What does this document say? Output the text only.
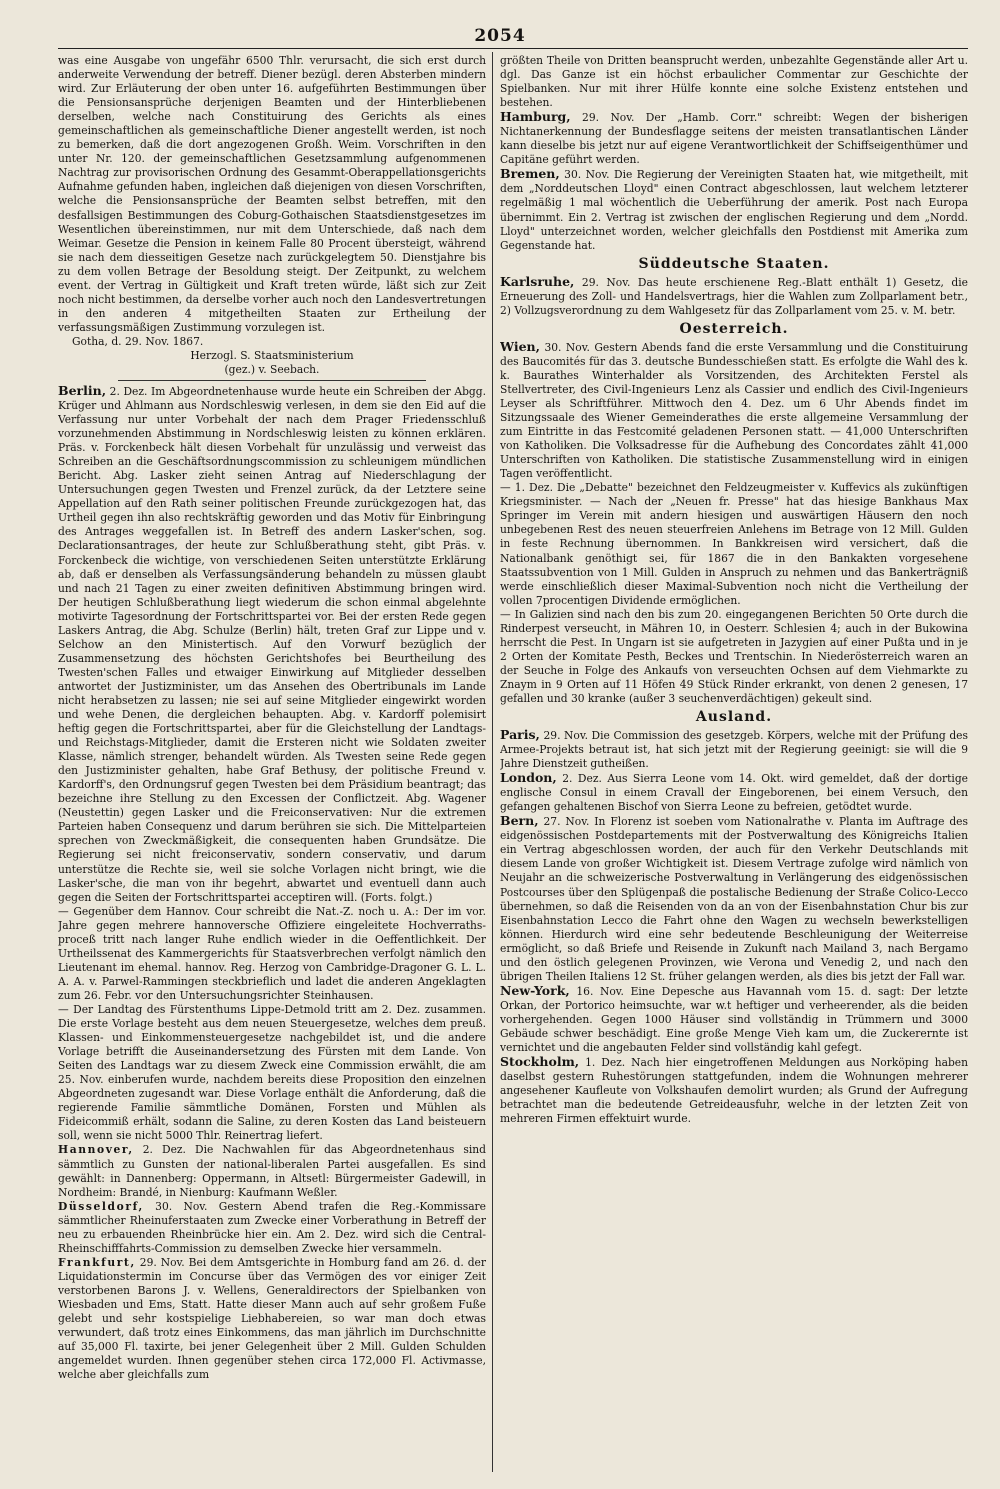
2054

was eine Ausgabe von ungefähr 6500 Thlr. verursacht, die sich erst durch anderweite Verwendung der betreff. Diener bezügl. deren Absterben mindern wird. Zur Erläuterung der oben unter 16. aufgeführten Bestimmungen über die Pensionsansprüche derjenigen Beamten und der Hinterbliebenen derselben, welche nach Constituirung des Gerichts als eines gemeinschaftlichen als gemeinschaftliche Diener angestellt werden, ist noch zu bemerken, daß die dort angezogenen Großh. Weim. Vorschriften in den unter Nr. 120. der gemeinschaftlichen Gesetzsammlung aufgenommenen Nachtrag zur provisorischen Ordnung des Gesammt-Oberappellationsgerichts Aufnahme gefunden haben, ingleichen daß diejenigen von diesen Vorschriften, welche die Pensionsansprüche der Beamten selbst betreffen, mit den desfallsigen Bestimmungen des Coburg-Gothaischen Staatsdienstgesetzes im Wesentlichen übereinstimmen, nur mit dem Unterschiede, daß nach dem Weimar. Gesetze die Pension in keinem Falle 80 Procent übersteigt, während sie nach dem diesseitigen Gesetze nach zurückgelegtem 50. Dienstjahre bis zu dem vollen Betrage der Besoldung steigt. Der Zeitpunkt, zu welchem event. der Vertrag in Gültigkeit und Kraft treten würde, läßt sich zur Zeit noch nicht bestimmen, da derselbe vorher auch noch den Landesvertretungen in den anderen 4 mitgetheilten Staaten zur Ertheilung der verfassungsmäßigen Zustimmung vorzulegen ist.

Gotha, d. 29. Nov. 1867.

Herzogl. S. Staatsministerium

(gez.) v. Seebach.

Berlin, 2. Dez. Im Abgeordnetenhause wurde heute ein Schreiben der Abgg. Krüger und Ahlmann aus Nordschleswig verlesen, in dem sie den Eid auf die Verfassung nur unter Vorbehalt der nach dem Prager Friedensschluß vorzunehmenden Abstimmung in Nordschleswig leisten zu können erklären. Präs. v. Forckenbeck hält diesen Vorbehalt für unzulässig und verweist das Schreiben an die Geschäftsordnungscommission zu schleunigem mündlichen Bericht. Abg. Lasker zieht seinen Antrag auf Niederschlagung der Untersuchungen gegen Twesten und Frenzel zurück, da der Letztere seine Appellation auf den Rath seiner politischen Freunde zurückgezogen hat, das Urtheil gegen ihn also rechtskräftig geworden und das Motiv für Einbringung des Antrages weggefallen ist. In Betreff des andern Lasker'schen, sog. Declarationsantrages, der heute zur Schlußberathung steht, gibt Präs. v. Forckenbeck die wichtige, von verschiedenen Seiten unterstützte Erklärung ab, daß er denselben als Verfassungsänderung behandeln zu müssen glaubt und nach 21 Tagen zu einer zweiten definitiven Abstimmung bringen wird. Der heutigen Schlußberathung liegt wiederum die schon einmal abgelehnte motivirte Tagesordnung der Fortschrittspartei vor. Bei der ersten Rede gegen Laskers Antrag, die Abg. Schulze (Berlin) hält, treten Graf zur Lippe und v. Selchow an den Ministertisch. Auf den Vorwurf bezüglich der Zusammensetzung des höchsten Gerichtshofes bei Beurtheilung des Twesten'schen Falles und etwaiger Einwirkung auf Mitglieder desselben antwortet der Justizminister, um das Ansehen des Obertribunals im Lande nicht herabsetzen zu lassen; nie sei auf seine Mitglieder eingewirkt worden und wehe Denen, die dergleichen behaupten. Abg. v. Kardorff polemisirt heftig gegen die Fortschrittspartei, aber für die Gleichstellung der Landtags- und Reichstags-Mitglieder, damit die Ersteren nicht wie Soldaten zweiter Klasse, nämlich strenger, behandelt würden. Als Twesten seine Rede gegen den Justizminister gehalten, habe Graf Bethusy, der politische Freund v. Kardorff's, den Ordnungsruf gegen Twesten bei dem Präsidium beantragt; das bezeichne ihre Stellung zu den Excessen der Conflictzeit. Abg. Wagener (Neustettin) gegen Lasker und die Freiconservativen: Nur die extremen Parteien haben Consequenz und darum berühren sie sich. Die Mittelparteien sprechen von Zweckmäßigkeit, die consequenten haben Grundsätze. Die Regierung sei nicht freiconservativ, sondern conservativ, und darum unterstütze die Rechte sie, weil sie solche Vorlagen nicht bringt, wie die Lasker'sche, die man von ihr begehrt, abwartet und eventuell dann auch gegen die Seiten der Fortschrittspartei acceptiren will. (Forts. folgt.)

— Gegenüber dem Hannov. Cour schreibt die Nat.-Z. noch u. A.: Der im vor. Jahre gegen mehrere hannoversche Offiziere eingeleitete Hochverraths-proceß tritt nach langer Ruhe endlich wieder in die Oeffentlichkeit. Der Urtheilssenat des Kammergerichts für Staatsverbrechen verfolgt nämlich den Lieutenant im ehemal. hannov. Reg. Herzog von Cambridge-Dragoner G. L. L. A. A. v. Parwel-Rammingen steckbrieflich und ladet die anderen Angeklagten zum 26. Febr. vor den Untersuchungsrichter Steinhausen.

— Der Landtag des Fürstenthums Lippe-Detmold tritt am 2. Dez. zusammen. Die erste Vorlage besteht aus dem neuen Steuergesetze, welches dem preuß. Klassen- und Einkommensteuergesetze nachgebildet ist, und die andere Vorlage betrifft die Auseinandersetzung des Fürsten mit dem Lande. Von Seiten des Landtags war zu diesem Zweck eine Commission erwählt, die am 25. Nov. einberufen wurde, nachdem bereits diese Proposition den einzelnen Abgeordneten zugesandt war. Diese Vorlage enthält die Anforderung, daß die regierende Familie sämmtliche Domänen, Forsten und Mühlen als Fideicommiß erhält, sodann die Saline, zu deren Kosten das Land beisteuern soll, wenn sie nicht 5000 Thlr. Reinertrag liefert.

Hannover, 2. Dez. Die Nachwahlen für das Abgeordnetenhaus sind sämmtlich zu Gunsten der national-liberalen Partei ausgefallen. Es sind gewählt: in Dannenberg: Oppermann, in Altsetl: Bürgermeister Gadewill, in Nordheim: Brandé, in Nienburg: Kaufmann Weßler.

Düsseldorf, 30. Nov. Gestern Abend trafen die Reg.-Kommissare sämmtlicher Rheinuferstaaten zum Zwecke einer Vorberathung in Betreff der neu zu erbauenden Rheinbrücke hier ein. Am 2. Dez. wird sich die Central-Rheinschifffahrts-Commission zu demselben Zwecke hier versammeln.

Frankfurt, 29. Nov. Bei dem Amtsgerichte in Homburg fand am 26. d. der Liquidationstermin im Concurse über das Vermögen des vor einiger Zeit verstorbenen Barons J. v. Wellens, Generaldirectors der Spielbanken von Wiesbaden und Ems, Statt. Hatte dieser Mann auch auf sehr großem Fuße gelebt und sehr kostspielige Liebhabereien, so war man doch etwas verwundert, daß trotz eines Einkommens, das man jährlich im Durchschnitte auf 35,000 Fl. taxirte, bei jener Gelegenheit über 2 Mill. Gulden Schulden angemeldet wurden. Ihnen gegenüber stehen circa 172,000 Fl. Activmasse, welche aber gleichfalls zum

größten Theile von Dritten beansprucht werden, unbezahlte Gegenstände aller Art u. dgl. Das Ganze ist ein höchst erbaulicher Commentar zur Geschichte der Spielbanken. Nur mit ihrer Hülfe konnte eine solche Existenz entstehen und bestehen.

Hamburg, 29. Nov. Der „Hamb. Corr." schreibt: Wegen der bisherigen Nichtanerkennung der Bundesflagge seitens der meisten transatlantischen Länder kann dieselbe bis jetzt nur auf eigene Verantwortlichkeit der Schiffseigenthümer und Capitäne geführt werden.

Bremen, 30. Nov. Die Regierung der Vereinigten Staaten hat, wie mitgetheilt, mit dem „Norddeutschen Lloyd" einen Contract abgeschlossen, laut welchem letzterer regelmäßig 1 mal wöchentlich die Ueberführung der amerik. Post nach Europa übernimmt. Ein 2. Vertrag ist zwischen der englischen Regierung und dem „Nordd. Lloyd" unterzeichnet worden, welcher gleichfalls den Postdienst mit Amerika zum Gegenstande hat.

Süddeutsche Staaten.

Karlsruhe, 29. Nov. Das heute erschienene Reg.-Blatt enthält 1) Gesetz, die Erneuerung des Zoll- und Handelsvertrags, hier die Wahlen zum Zollparlament betr., 2) Vollzugsverordnung zu dem Wahlgesetz für das Zollparlament vom 25. v. M. betr.

Oesterreich.

Wien, 30. Nov. Gestern Abends fand die erste Versammlung und die Constituirung des Baucomités für das 3. deutsche Bundesschießen statt. Es erfolgte die Wahl des k. k. Baurathes Winterhalder als Vorsitzenden, des Architekten Ferstel als Stellvertreter, des Civil-Ingenieurs Lenz als Cassier und endlich des Civil-Ingenieurs Leyser als Schriftführer. Mittwoch den 4. Dez. um 6 Uhr Abends findet im Sitzungssaale des Wiener Gemeinderathes die erste allgemeine Versammlung der zum Eintritte in das Festcomité geladenen Personen statt. — 41,000 Unterschriften von Katholiken. Die Volksadresse für die Aufhebung des Concordates zählt 41,000 Unterschriften von Katholiken. Die statistische Zusammenstellung wird in einigen Tagen veröffentlicht.

— 1. Dez. Die „Debatte" bezeichnet den Feldzeugmeister v. Kuffevics als zukünftigen Kriegsminister. — Nach der „Neuen fr. Presse" hat das hiesige Bankhaus Max Springer im Verein mit andern hiesigen und auswärtigen Häusern den noch unbegebenen Rest des neuen steuerfreien Anlehens im Betrage von 12 Mill. Gulden in feste Rechnung übernommen. In Bankkreisen wird versichert, daß die Nationalbank genöthigt sei, für 1867 die in den Bankakten vorgesehene Staatssubvention von 1 Mill. Gulden in Anspruch zu nehmen und das Bankerträgniß werde einschließlich dieser Maximal-Subvention noch nicht die Vertheilung der vollen 7procentigen Dividende ermöglichen.

— In Galizien sind nach den bis zum 20. eingegangenen Berichten 50 Orte durch die Rinderpest verseucht, in Mähren 10, in Oesterr. Schlesien 4; auch in der Bukowina herrscht die Pest. In Ungarn ist sie aufgetreten in Jazygien auf einer Pußta und in je 2 Orten der Komitate Pesth, Beckes und Trentschin. In Niederösterreich waren an der Seuche in Folge des Ankaufs von verseuchten Ochsen auf dem Viehmarkte zu Znaym in 9 Orten auf 11 Höfen 49 Stück Rinder erkrankt, von denen 2 genesen, 17 gefallen und 30 kranke (außer 3 seuchenverdächtigen) gekeult sind.

Ausland.

Paris, 29. Nov. Die Commission des gesetzgeb. Körpers, welche mit der Prüfung des Armee-Projekts betraut ist, hat sich jetzt mit der Regierung geeinigt: sie will die 9 Jahre Dienstzeit gutheißen.

London, 2. Dez. Aus Sierra Leone vom 14. Okt. wird gemeldet, daß der dortige englische Consul in einem Cravall der Eingeborenen, bei einem Versuch, den gefangen gehaltenen Bischof von Sierra Leone zu befreien, getödtet wurde.

Bern, 27. Nov. In Florenz ist soeben vom Nationalrathe v. Planta im Auftrage des eidgenössischen Postdepartements mit der Postverwaltung des Königreichs Italien ein Vertrag abgeschlossen worden, der auch für den Verkehr Deutschlands mit diesem Lande von großer Wichtigkeit ist. Diesem Vertrage zufolge wird nämlich von Neujahr an die schweizerische Postverwaltung in Verlängerung des eidgenössischen Postcourses über den Splügenpaß die postalische Bedienung der Straße Colico-Lecco übernehmen, so daß die Reisenden von da an von der Eisenbahnstation Chur bis zur Eisenbahnstation Lecco die Fahrt ohne den Wagen zu wechseln bewerkstelligen können. Hierdurch wird eine sehr bedeutende Beschleunigung der Weiterreise ermöglicht, so daß Briefe und Reisende in Zukunft nach Mailand 3, nach Bergamo und den östlich gelegenen Provinzen, wie Verona und Venedig 2, und nach den übrigen Theilen Italiens 12 St. früher gelangen werden, als dies bis jetzt der Fall war.

New-York, 16. Nov. Eine Depesche aus Havannah vom 15. d. sagt: Der letzte Orkan, der Portorico heimsuchte, war w.t heftiger und verheerender, als die beiden vorhergehenden. Gegen 1000 Häuser sind vollständig in Trümmern und 3000 Gebäude schwer beschädigt. Eine große Menge Vieh kam um, die Zuckerernte ist vernichtet und die angebauten Felder sind vollständig kahl gefegt.

Stockholm, 1. Dez. Nach hier eingetroffenen Meldungen aus Norköping haben daselbst gestern Ruhestörungen stattgefunden, indem die Wohnungen mehrerer angesehener Kaufleute von Volkshaufen demolirt wurden; als Grund der Aufregung betrachtet man die bedeutende Getreideausfuhr, welche in der letzten Zeit von mehreren Firmen effektuirt wurde.
